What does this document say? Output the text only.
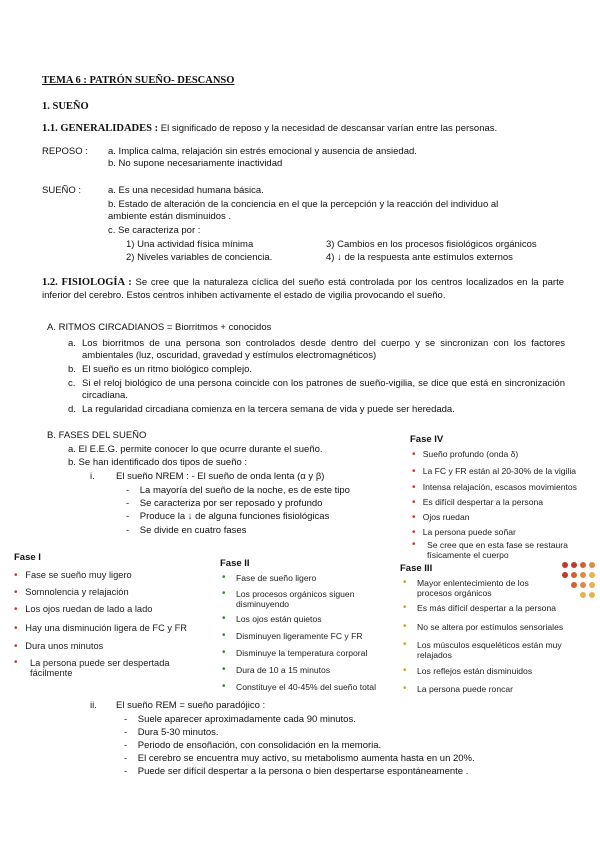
TEMA 6 : PATRÓN SUEÑO- DESCANSO
1. SUEÑO
1.1. GENERALIDADES : El significado de reposo y la necesidad de descansar varían entre las personas.
REPOSO : a. Implica calma, relajación sin estrés emocional y ausencia de ansiedad.
b. No supone necesariamente inactividad
SUEÑO :	a. Es una necesidad humana básica.
b. Estado de alteración de la conciencia en el que la percepción y la reacción del individuo al
ambiente están disminuidos .
c. Se caracteriza por :
1) Una actividad física mínima
2) Niveles variables de conciencia.
3) Cambios en los procesos fisiológicos orgánicos
4) ↓ de la respuesta ante estímulos externos
1.2. FISIOLOGÍA : Se cree que la naturaleza cíclica del sueño está controlada por los centros localizados en la parte inferior del cerebro. Estos centros inhiben activamente el estado de vigilia provocando el sueño.
A. RITMOS CIRCADIANOS = Biorritmos + conocidos
a. Los biorritmos de una persona son controlados desde dentro del cuerpo y se sincronizan con los factores ambientales (luz, oscuridad, gravedad y estímulos electromagnéticos)
b. El sueño es un ritmo biológico complejo.
c. Si el reloj biológico de una persona coincide con los patrones de sueño-vigilia, se dice que está en sincronización circadiana.
d. La regularidad circadiana comienza en la tercera semana de vida y puede ser heredada.
B. FASES DEL SUEÑO
a. El E.E.G. permite conocer lo que ocurre durante el sueño.
b. Se han identificado dos tipos de sueño :
i. El sueño NREM : - El sueño de onda lenta (α y β)
-    La mayoría del sueño de la noche, es de este tipo
-    Se caracteriza por ser reposado y profundo
-    Produce la ↓ de alguna funciones fisiológicas
-    Se divide en cuatro fases
Fase IV
• Sueño profundo (onda δ)
• La FC y FR están al 20-30% de la vigilia
• Intensa relajación, escasos movimientos
• Es difícil despertar a la persona
• Ojos ruedan
• La persona puede soñar
•	Se cree que en esta fase se restaura físicamente el cuerpo
Fase III
•	Mayor enlentecimiento de los procesos orgánicos
•	Es más difícil despertar a la persona
•	No se altera por estímulos sensoriales
•	Los músculos esqueléticos están muy relajados
•	Los reflejos están disminuidos
•	La persona puede roncar
Fase I
• Fase se sueño muy ligero
• Somnolencia y relajación
• Los ojos ruedan de lado a lado
• Hay una disminución ligera de FC y FR
• Dura unos minutos
•	La persona puede ser despertada fácilmente
Fase II
•	Fase de sueño ligero
•	Los procesos orgánicos siguen disminuyendo
•	Los ojos están quietos
•	Disminuyen ligeramente FC y FR
•	Disminuye la temperatura corporal
•	Dura de 10 a 15 minutos
•	Constituye el 40-45% del sueño total
ii. El sueño REM = sueño paradójico :
-    Suele aparecer aproximadamente cada 90 minutos.
-    Dura 5-30 minutos.
-    Periodo de ensoñación, con consolidación en la memoria.
-    El cerebro se encuentra muy activo, su metabolismo aumenta hasta en un 20%.
-    Puede ser difícil despertar a la persona o bien despertarse espontáneamente .
